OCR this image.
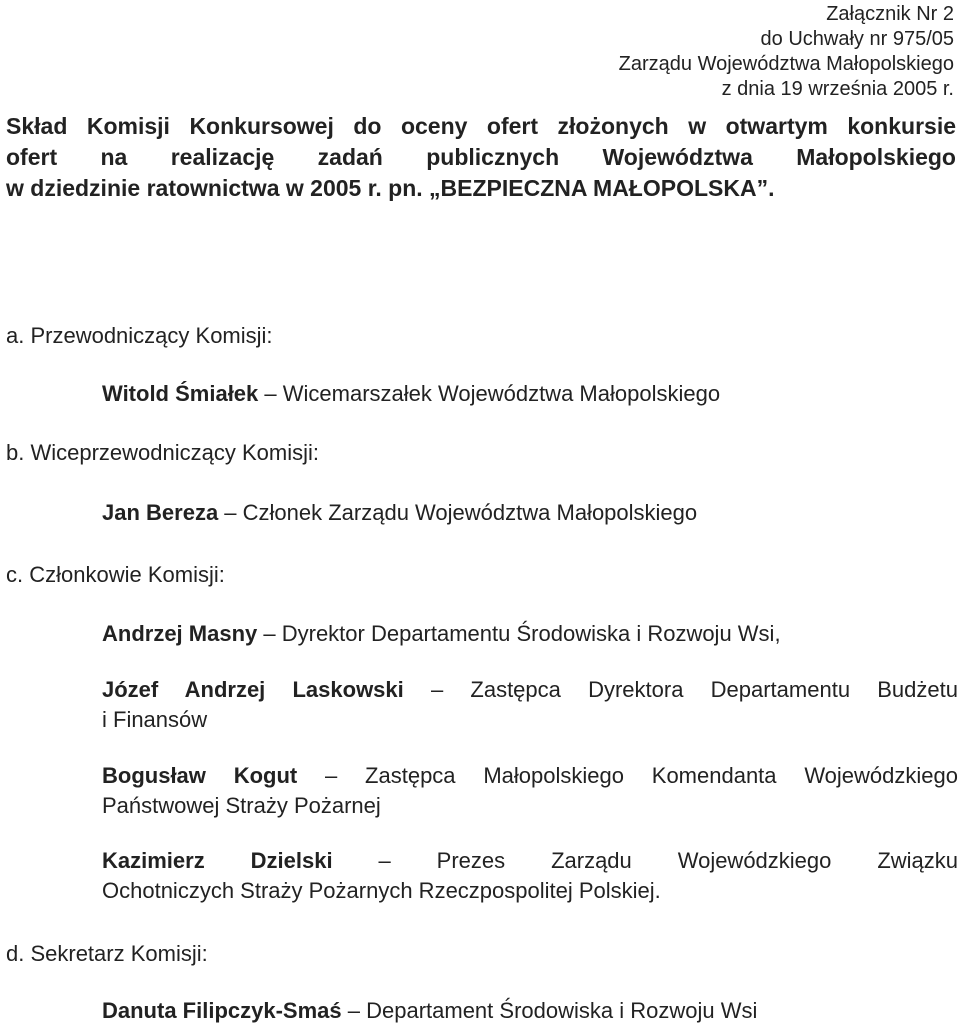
Załącznik Nr 2
do Uchwały nr 975/05
Zarządu Województwa Małopolskiego
z dnia 19 września 2005 r.
Skład Komisji Konkursowej do oceny ofert złożonych w otwartym konkursie
ofert na realizację zadań publicznych Województwa Małopolskiego
w dziedzinie ratownictwa w 2005 r. pn. „BEZPIECZNA MAŁOPOLSKA”.
a. Przewodniczący Komisji:
Witold Śmiałek – Wicemarszałek Województwa Małopolskiego
b. Wiceprzewodniczący Komisji:
Jan Bereza – Członek Zarządu Województwa Małopolskiego
c. Członkowie Komisji:
Andrzej Masny – Dyrektor Departamentu Środowiska i Rozwoju Wsi,
Józef Andrzej Laskowski – Zastępca Dyrektora Departamentu Budżetu
i Finansów
Bogusław Kogut – Zastępca Małopolskiego Komendanta Wojewódzkiego
Państwowej Straży Pożarnej
Kazimierz Dzielski – Prezes Zarządu Wojewódzkiego Związku
Ochotniczych Straży Pożarnych Rzeczpospolitej Polskiej.
d. Sekretarz Komisji:
Danuta Filipczyk-Smaś – Departament Środowiska i Rozwoju Wsi
